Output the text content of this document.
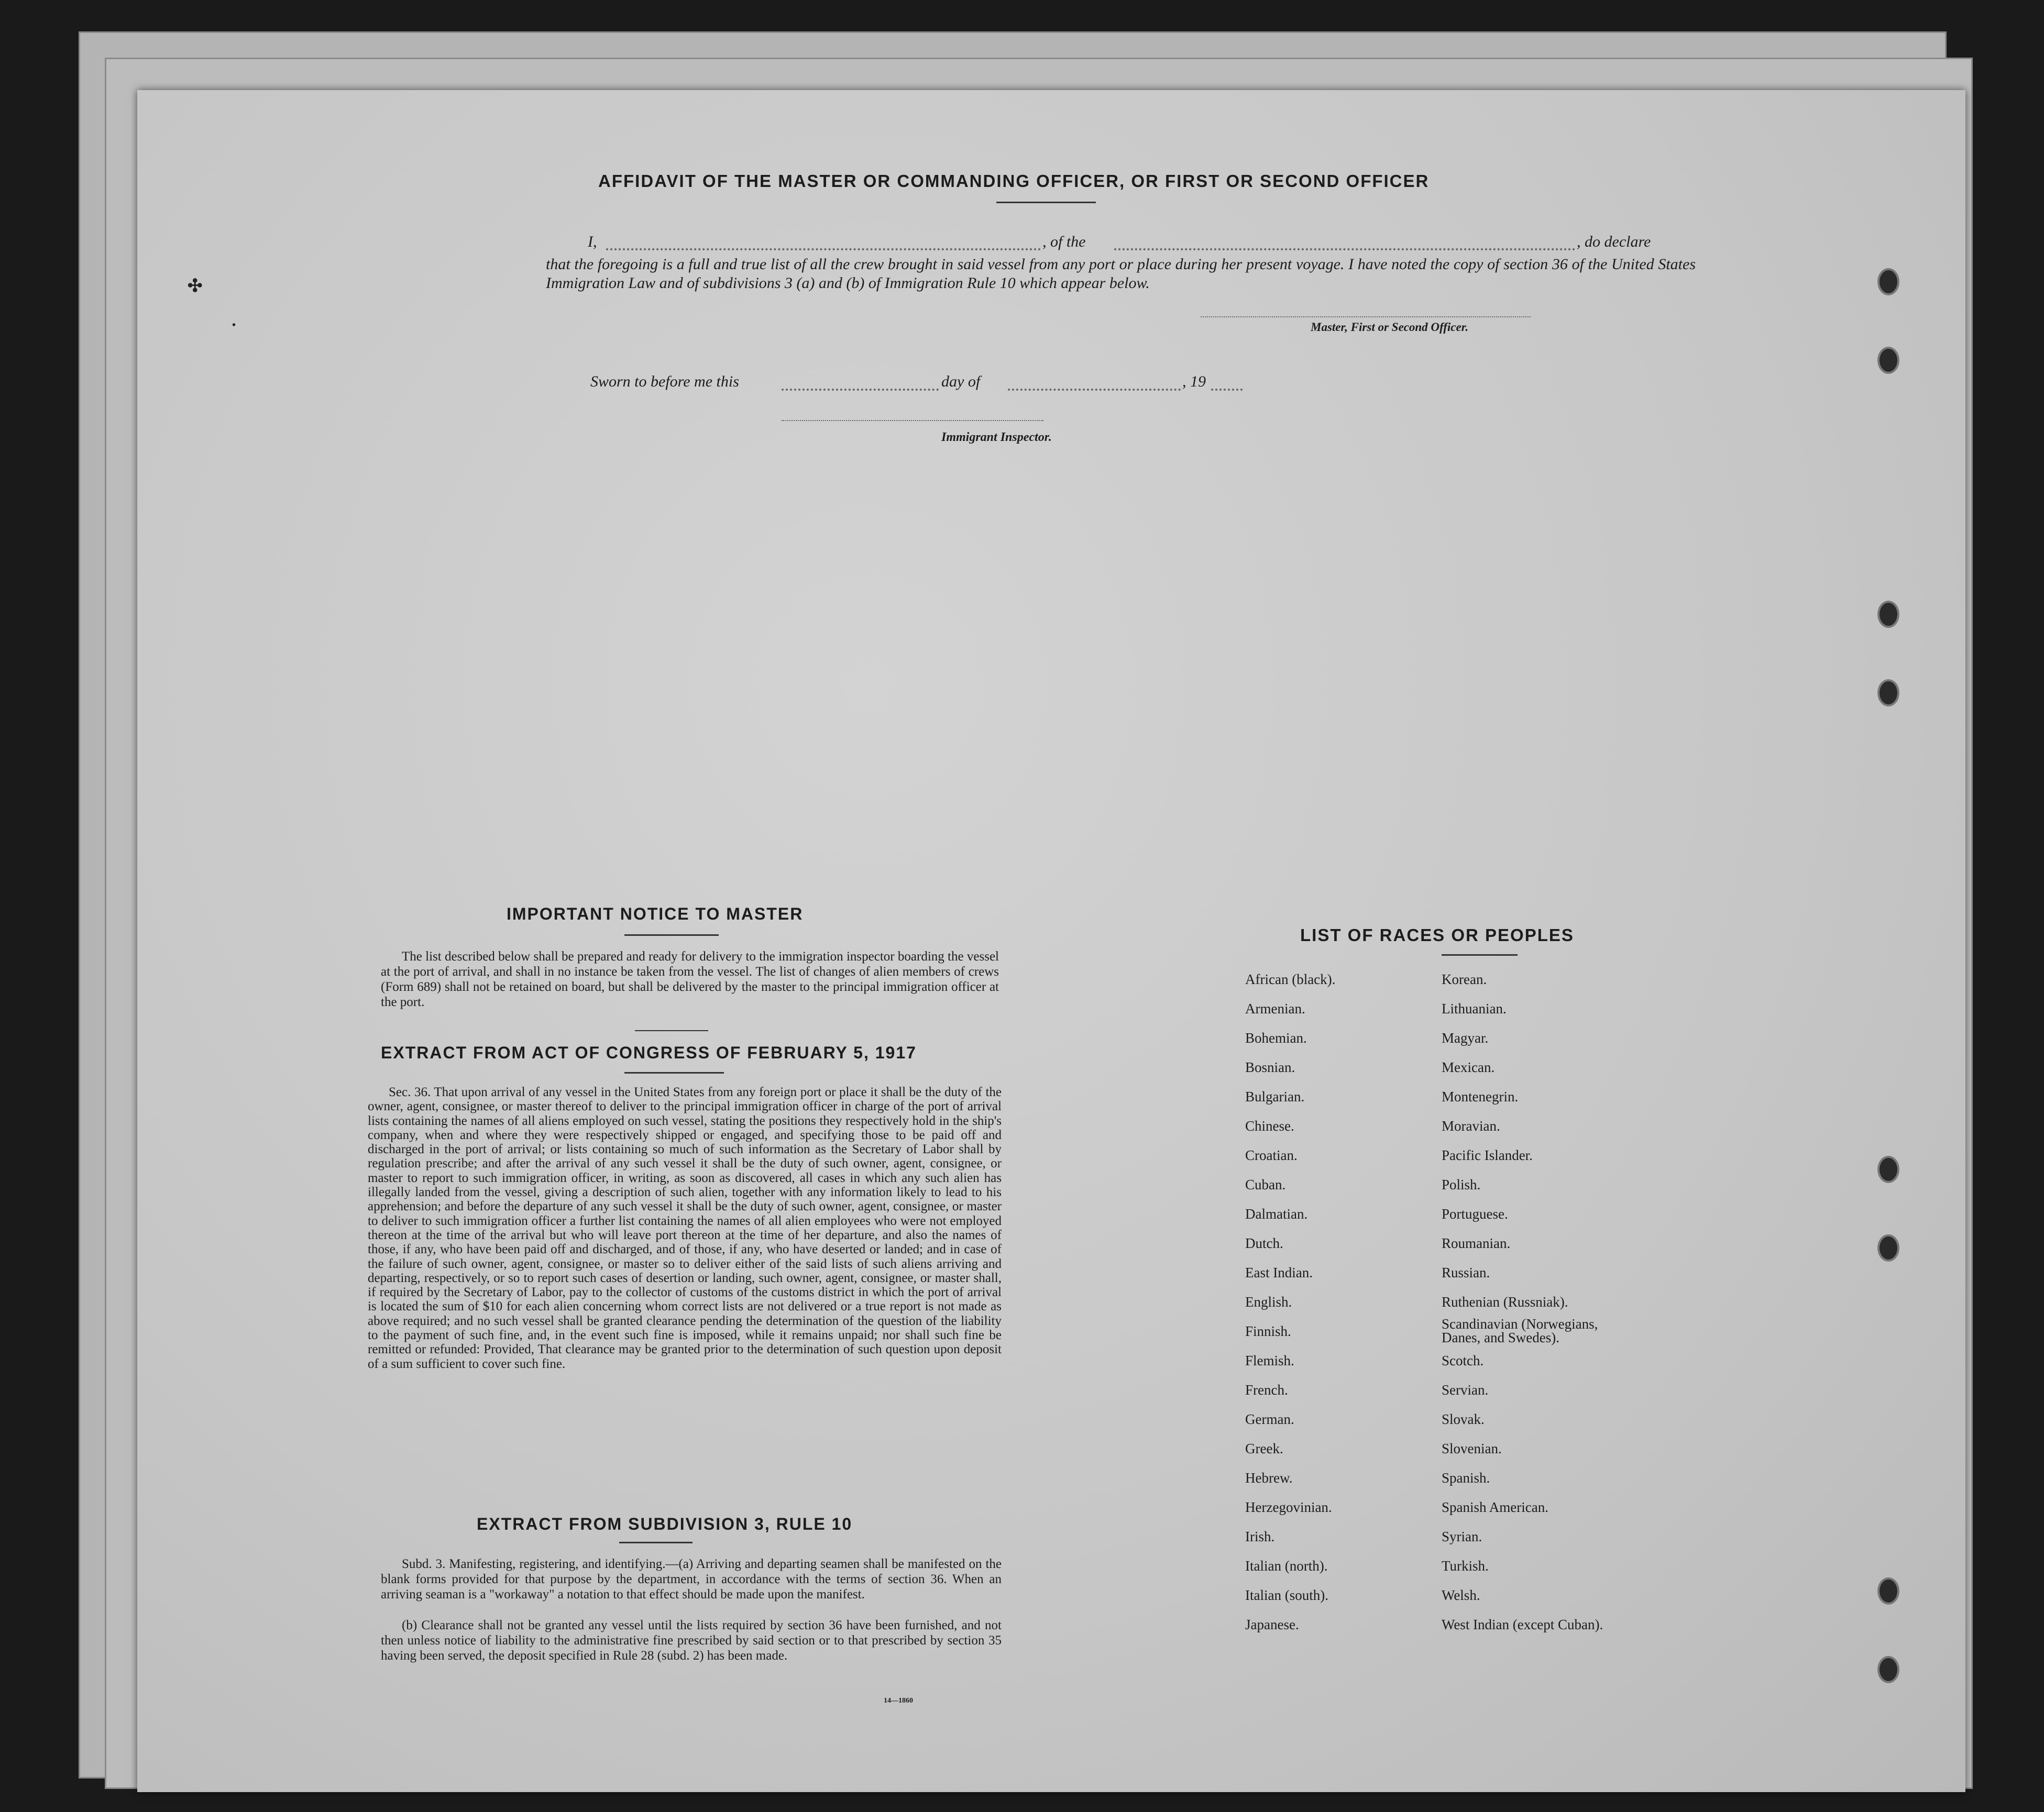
AFFIDAVIT OF THE MASTER OR COMMANDING OFFICER, OR FIRST OR SECOND OFFICER
I,	, of the	, do declare
that the foregoing is a full and true list of all the crew brought in said vessel from any port or place during her present voyage. I have noted the copy of section 36 of the United States Immigration Law and of subdivisions 3 (a) and (b) of Immigration Rule 10 which appear below.
Master, First or Second Officer.
Sworn to before me this	day of	, 19
Immigrant Inspector.
IMPORTANT NOTICE TO MASTER
The list described below shall be prepared and ready for delivery to the immigration inspector boarding the vessel at the port of arrival, and shall in no instance be taken from the vessel. The list of changes of alien members of crews (Form 689) shall not be retained on board, but shall be delivered by the master to the principal immigration officer at the port.
EXTRACT FROM ACT OF CONGRESS OF FEBRUARY 5, 1917
Sec. 36. That upon arrival of any vessel in the United States from any foreign port or place it shall be the duty of the owner, agent, consignee, or master thereof to deliver to the principal immigration officer in charge of the port of arrival lists containing the names of all aliens employed on such vessel, stating the positions they respectively hold in the ship's company, when and where they were respectively shipped or engaged, and specifying those to be paid off and discharged in the port of arrival; or lists containing so much of such information as the Secretary of Labor shall by regulation prescribe; and after the arrival of any such vessel it shall be the duty of such owner, agent, consignee, or master to report to such immigration officer, in writing, as soon as discovered, all cases in which any such alien has illegally landed from the vessel, giving a description of such alien, together with any information likely to lead to his apprehension; and before the departure of any such vessel it shall be the duty of such owner, agent, consignee, or master to deliver to such immigration officer a further list containing the names of all alien employees who were not employed thereon at the time of the arrival but who will leave port thereon at the time of her departure, and also the names of those, if any, who have been paid off and discharged, and of those, if any, who have deserted or landed; and in case of the failure of such owner, agent, consignee, or master so to deliver either of the said lists of such aliens arriving and departing, respectively, or so to report such cases of desertion or landing, such owner, agent, consignee, or master shall, if required by the Secretary of Labor, pay to the collector of customs of the customs district in which the port of arrival is located the sum of $10 for each alien concerning whom correct lists are not delivered or a true report is not made as above required; and no such vessel shall be granted clearance pending the determination of the question of the liability to the payment of such fine, and, in the event such fine is imposed, while it remains unpaid; nor shall such fine be remitted or refunded: Provided, That clearance may be granted prior to the determination of such question upon deposit of a sum sufficient to cover such fine.
EXTRACT FROM SUBDIVISION 3, RULE 10
Subd. 3. Manifesting, registering, and identifying.—(a) Arriving and departing seamen shall be manifested on the blank forms provided for that purpose by the department, in accordance with the terms of section 36. When an arriving seaman is a "workaway" a notation to that effect should be made upon the manifest.
(b) Clearance shall not be granted any vessel until the lists required by section 36 have been furnished, and not then unless notice of liability to the administrative fine prescribed by said section or to that prescribed by section 35 having been served, the deposit specified in Rule 28 (subd. 2) has been made.
14—1860
LIST OF RACES OR PEOPLES
African (black).
Armenian.
Bohemian.
Bosnian.
Bulgarian.
Chinese.
Croatian.
Cuban.
Dalmatian.
Dutch.
East Indian.
English.
Finnish.
Flemish.
French.
German.
Greek.
Hebrew.
Herzegovinian.
Irish.
Italian (north).
Italian (south).
Japanese.
Korean.
Lithuanian.
Magyar.
Mexican.
Montenegrin.
Moravian.
Pacific Islander.
Polish.
Portuguese.
Roumanian.
Russian.
Ruthenian (Russniak).
Scandinavian (Norwegians, Danes, and Swedes).
Scotch.
Servian.
Slovak.
Slovenian.
Spanish.
Spanish American.
Syrian.
Turkish.
Welsh.
West Indian (except Cuban).
✣
•
